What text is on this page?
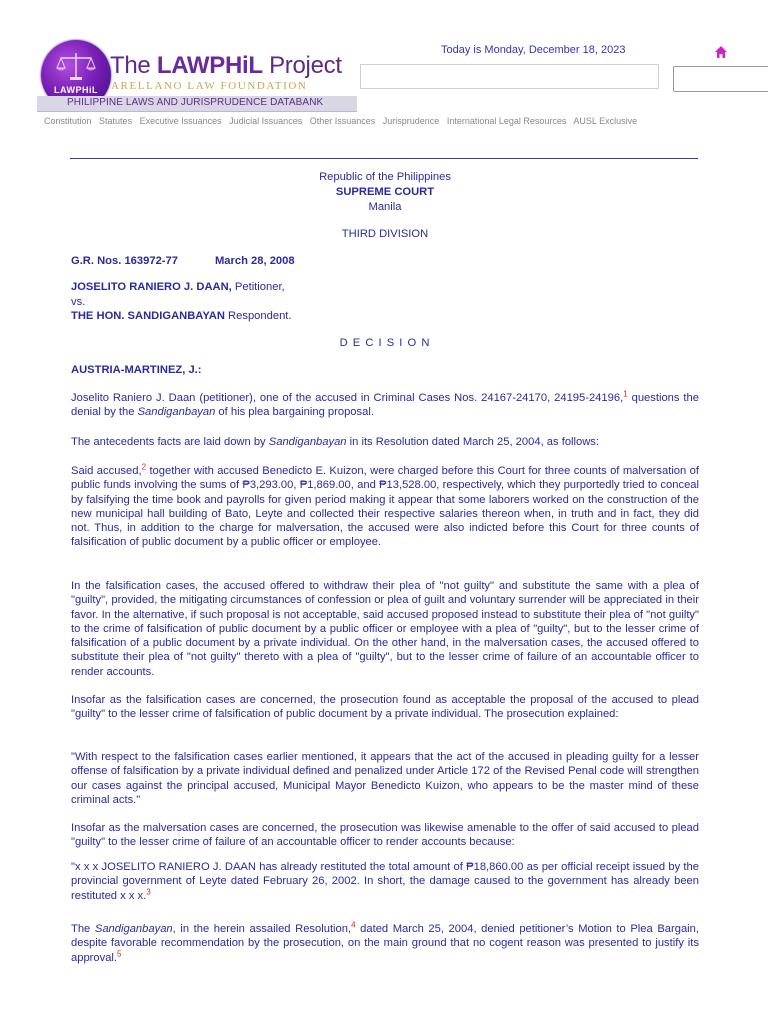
LAWPHiL
The LAWPHiL Project
ARELLANO LAW FOUNDATION
PHILIPPINE LAWS AND JURISPRUDENCE DATABANK
Today is Monday, December 18, 2023
Constitution Statutes Executive Issuances Judicial Issuances Other Issuances Jurisprudence International Legal Resources AUSL Exclusive
Republic of the Philippines
SUPREME COURT
Manila
THIRD DIVISION
G.R. Nos. 163972-77	March 28, 2008
JOSELITO RANIERO J. DAAN, Petitioner,
vs.
THE HON. SANDIGANBAYAN Respondent.
D E C I S I O N
AUSTRIA-MARTINEZ, J.:

Joselito Raniero J. Daan (petitioner), one of the accused in Criminal Cases Nos. 24167-24170, 24195-24196,$^1$ questions the denial by the Sandiganbayan of his plea bargaining proposal.

The antecedents facts are laid down by Sandiganbayan in its Resolution dated March 25, 2004, as follows:

Said accused,$^2$ together with accused Benedicto E. Kuizon, were charged before this Court for three counts of malversation of public funds involving the sums of ₱3,293.00, ₱1,869.00, and ₱13,528.00, respectively, which they purportedly tried to conceal by falsifying the time book and payrolls for given period making it appear that some laborers worked on the construction of the new municipal hall building of Bato, Leyte and collected their respective salaries thereon when, in truth and in fact, they did not. Thus, in addition to the charge for malversation, the accused were also indicted before this Court for three counts of falsification of public document by a public officer or employee.

In the falsification cases, the accused offered to withdraw their plea of "not guilty" and substitute the same with a plea of "guilty", provided, the mitigating circumstances of confession or plea of guilt and voluntary surrender will be appreciated in their favor. In the alternative, if such proposal is not acceptable, said accused proposed instead to substitute their plea of "not guilty" to the crime of falsification of public document by a public officer or employee with a plea of "guilty", but to the lesser crime of falsification of a public document by a private individual. On the other hand, in the malversation cases, the accused offered to substitute their plea of "not guilty" thereto with a plea of "guilty", but to the lesser crime of failure of an accountable officer to render accounts.

Insofar as the falsification cases are concerned, the prosecution found as acceptable the proposal of the accused to plead "guilty" to the lesser crime of falsification of public document by a private individual. The prosecution explained:

"With respect to the falsification cases earlier mentioned, it appears that the act of the accused in pleading guilty for a lesser offense of falsification by a private individual defined and penalized under Article 172 of the Revised Penal code will strengthen our cases against the principal accused, Municipal Mayor Benedicto Kuizon, who appears to be the master mind of these criminal acts."

Insofar as the malversation cases are concerned, the prosecution was likewise amenable to the offer of said accused to plead "guilty" to the lesser crime of failure of an accountable officer to render accounts because:

"x x x JOSELITO RANIERO J. DAAN has already restituted the total amount of ₱18,860.00 as per official receipt issued by the provincial government of Leyte dated February 26, 2002. In short, the damage caused to the government has already been restituted x x x.$^3$

The Sandiganbayan, in the herein assailed Resolution,$^4$ dated March 25, 2004, denied petitioner’s Motion to Plea Bargain, despite favorable recommendation by the prosecution, on the main ground that no cogent reason was presented to justify its approval.$^5$
